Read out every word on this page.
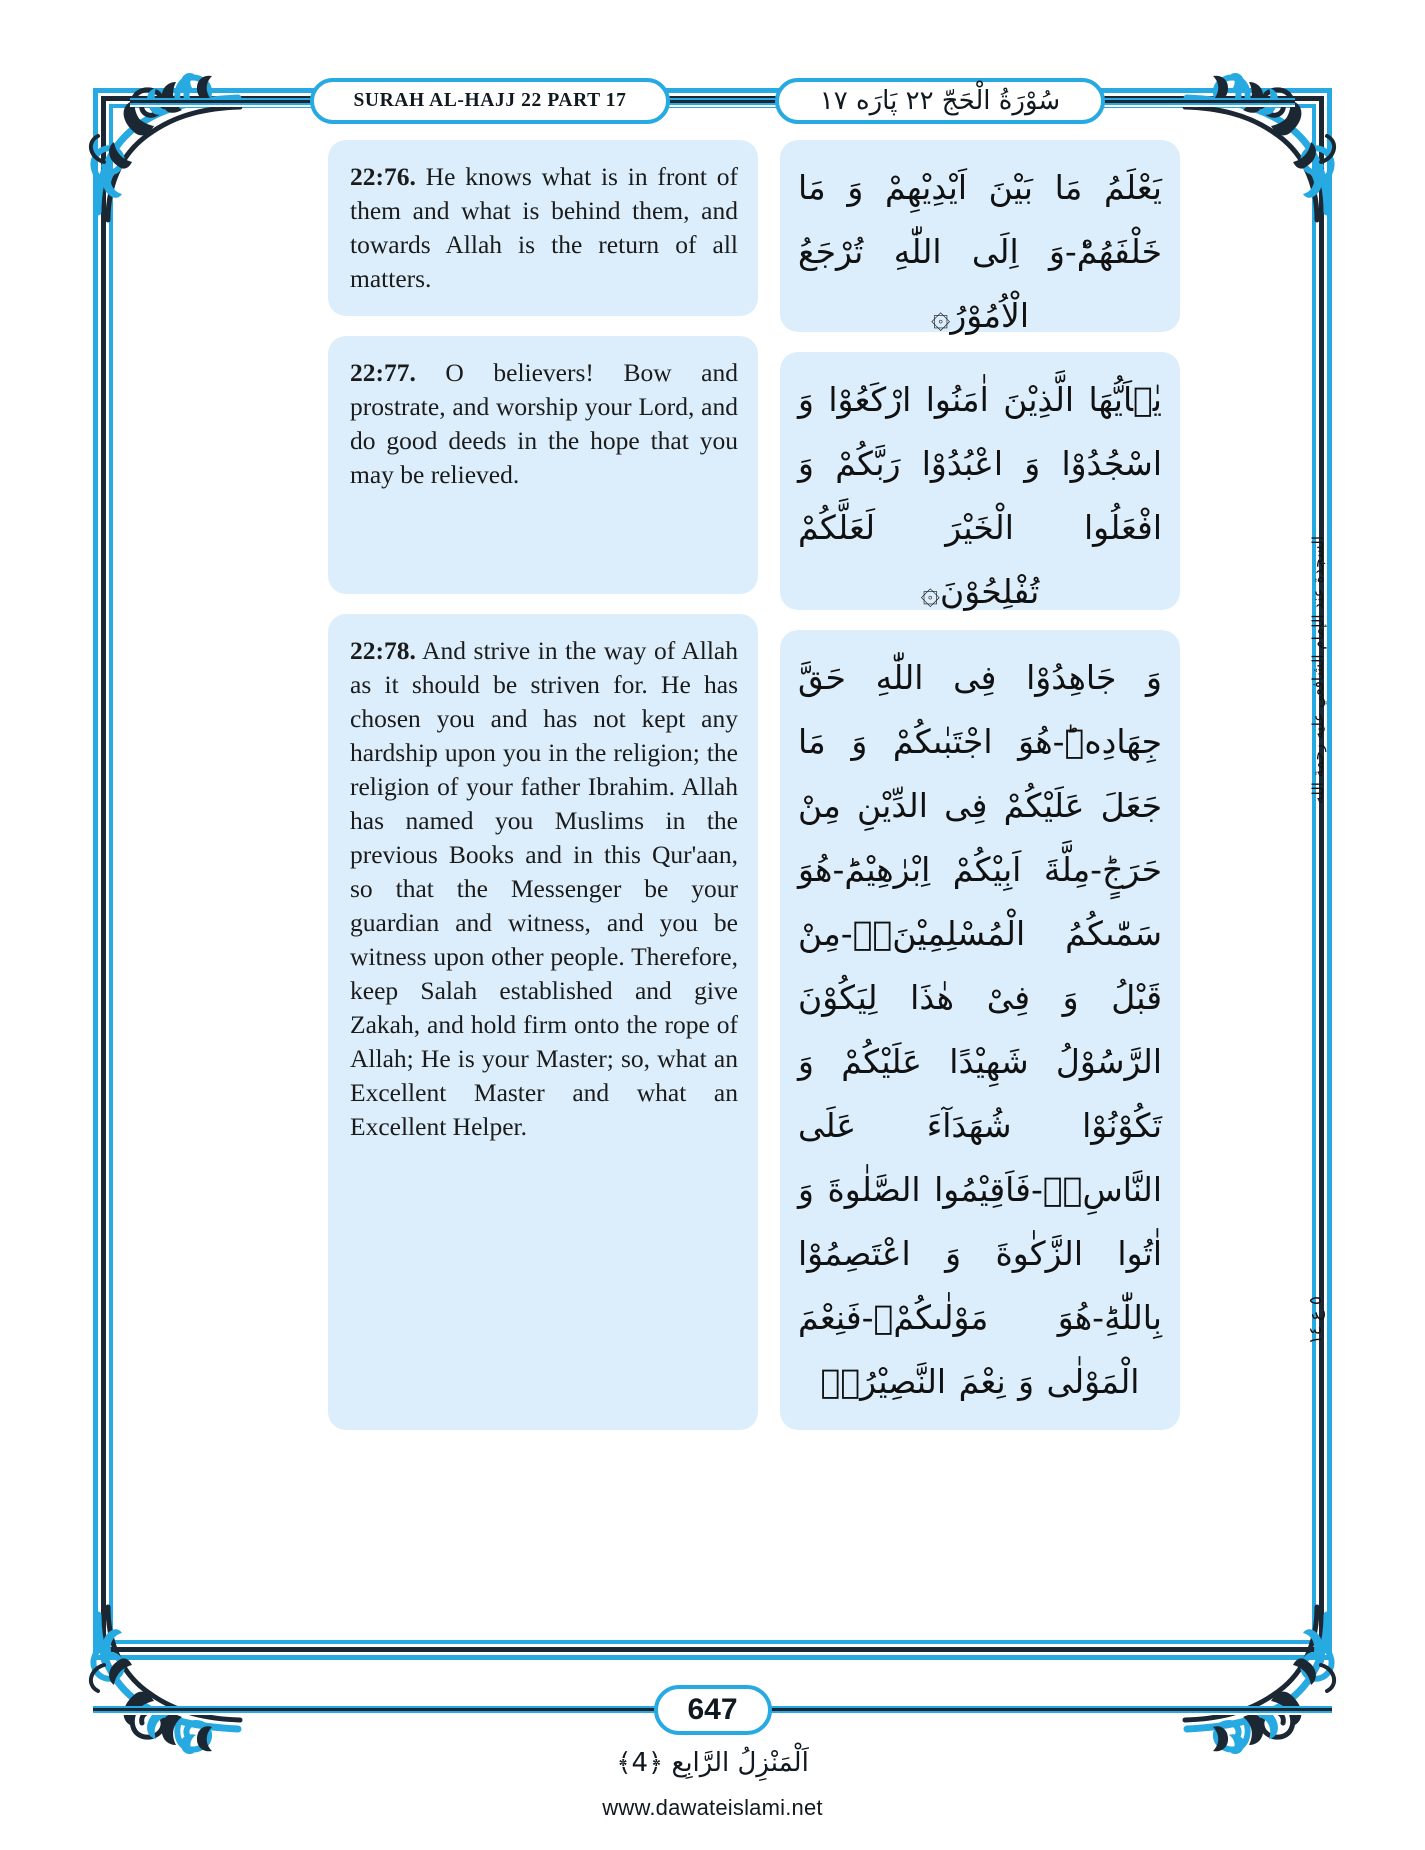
SURAH AL-HAJJ 22 PART 17	سُوْرَةُ الْحَجّ ٢٢ پَارَه ١٧

یَعْلَمُ مَا بَیْنَ اَیْدِیْهِمْ وَ مَا خَلْفَهُمْؕ-وَ اِلَى اللّٰهِ تُرْجَعُ الْاُمُوْرُ۞

یٰۤاَیُّهَا الَّذِیْنَ اٰمَنُوا ارْكَعُوْا وَ اسْجُدُوْا وَ اعْبُدُوْا رَبَّكُمْ وَ افْعَلُوا الْخَیْرَ لَعَلَّكُمْ تُفْلِحُوْنَ۞

وَ جَاهِدُوْا فِی اللّٰهِ حَقَّ جِهَادِهٖؕ-هُوَ اجْتَبٰىكُمْ وَ مَا جَعَلَ عَلَیْكُمْ فِی الدِّیْنِ مِنْ حَرَجٍؕ-مِلَّةَ اَبِیْكُمْ اِبْرٰهِیْمَؕ-هُوَ سَمّٰىكُمُ الْمُسْلِمِیْنَ۬ۙ-مِنْ قَبْلُ وَ فِیْ هٰذَا لِیَكُوْنَ الرَّسُوْلُ شَهِیْدًا عَلَیْكُمْ وَ تَكُوْنُوْا شُهَدَآءَ عَلَى النَّاسِۚۖ-فَاَقِیْمُوا الصَّلٰوةَ وَ اٰتُوا الزَّكٰوةَ وَ اعْتَصِمُوْا بِاللّٰهِؕ-هُوَ مَوْلٰىكُمْۚ-فَنِعْمَ الْمَوْلٰى وَ نِعْمَ النَّصِیْرُ۠۞

22:76. He knows what is in front of them and what is behind them, and towards Allah is the return of all matters.

22:77. O believers! Bow and prostrate, and worship your Lord, and do good deeds in the hope that you may be relieved.

22:78. And strive in the way of Allah as it should be striven for. He has chosen you and has not kept any hardship upon you in the religion; the religion of your father Ibrahim. Allah has named you Muslims in the previous Books and in this Qur'aan, so that the Messenger be your guardian and witness, and you be witness upon other people. Therefore, keep Salah established and give Zakah, and hold firm onto the rope of Allah; He is your Master; so, what an Excellent Master and what an Excellent Helper.

السجدة عند الإمام الشافعي عليه رحمة الله
٥ ع ١٤
647
اَلْمَنْزِلُ الرَّابِع ﴿4﴾
www.dawateislami.net
